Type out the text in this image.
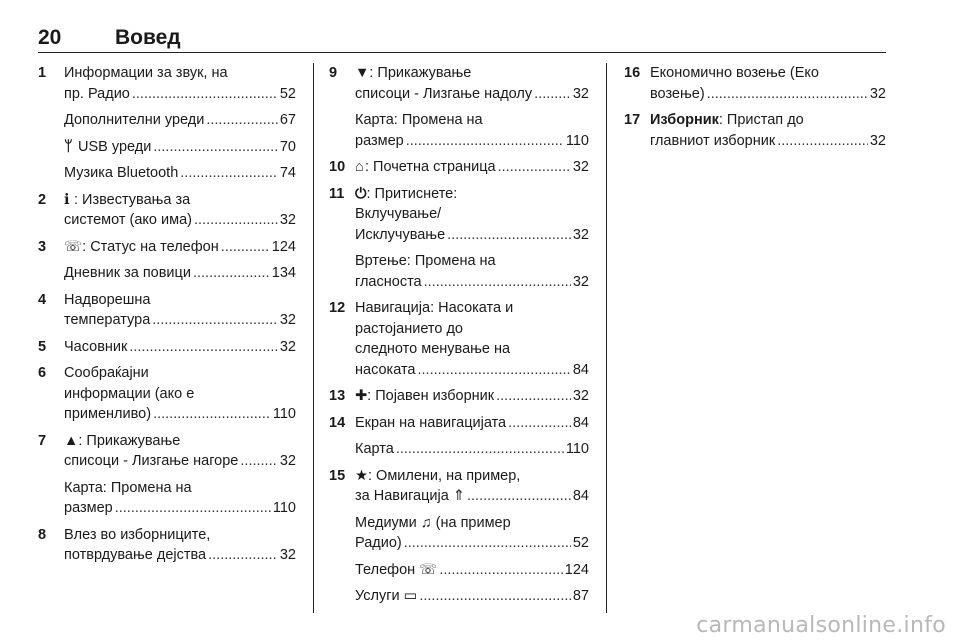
20	Вовед
1 Информации за звук, на
пр. Радио .....	52
Дополнителни уреди .....	67
ᛘ USB уреди .....	70
Музика Bluetooth .....	74
2 ℹ : Известувања за
системот (ако има) .....	32
3 ☏: Статус на телефон .....	124
Дневник за повици .....	134
4 Надворешна
температура .....	32
5 Часовник .....	32
6 Сообраќајни
информации (ако е
применливо) .....	110
7 ▲: Прикажување
списоци - Лизгање нагоре .....	32
Карта: Промена на
размер .....	110
8 Влез во изборниците,
потврдување дејства .....	32
9 ▼: Прикажување
списоци - Лизгање надолу .....	32
Карта: Промена на
размер .....	110
10 ⌂: Почетна страница .....	32
11 ⏻: Притиснете:
Вклучување/
Исклучување .....	32
Вртење: Промена на
гласноста .....	32
12 Навигација: Насоката и
растојанието до
следното менување на
насоката .....	84
13 ✚: Појавен изборник .....	32
14 Екран на навигацијата .....	84
Карта .....	110
15 ★: Омилени, на пример,
за Навигација ⇑ .....	84
Медиуми ♫ (на пример
Радио) .....	52
Телефон ☏ .....	124
Услуги ▭ .....	87
16 Економично возење (Еко
возење) .....	32
17 Изборник: Пристап до
главниот изборник .....	32
carmanualsonline.info
